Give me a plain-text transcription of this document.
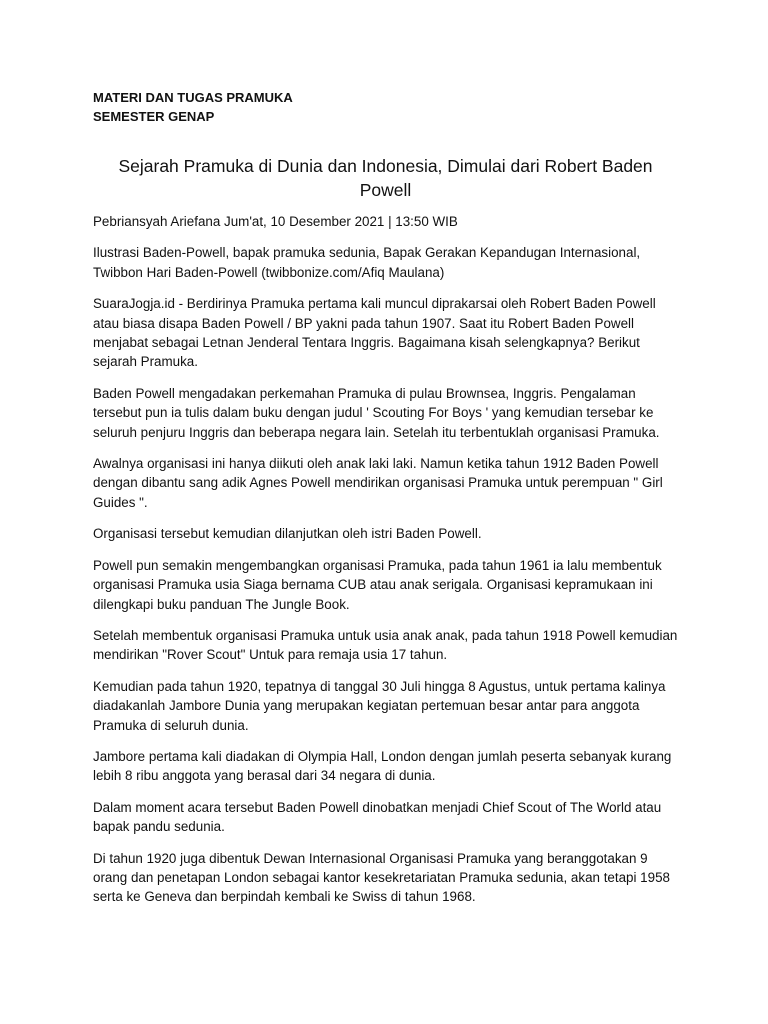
MATERI DAN TUGAS PRAMUKA

SEMESTER GENAP

Sejarah Pramuka di Dunia dan Indonesia, Dimulai dari Robert Baden Powell

Pebriansyah Ariefana Jum'at, 10 Desember 2021 | 13:50 WIB

Ilustrasi Baden-Powell, bapak pramuka sedunia, Bapak Gerakan Kepandugan Internasional, Twibbon Hari Baden-Powell (twibbonize.com/Afiq Maulana)

SuaraJogja.id - Berdirinya Pramuka pertama kali muncul diprakarsai oleh Robert Baden Powell atau biasa disapa Baden Powell / BP yakni pada tahun 1907. Saat itu Robert Baden Powell menjabat sebagai Letnan Jenderal Tentara Inggris. Bagaimana kisah selengkapnya? Berikut sejarah Pramuka.

Baden Powell mengadakan perkemahan Pramuka di pulau Brownsea, Inggris. Pengalaman tersebut pun ia tulis dalam buku dengan judul ' Scouting For Boys ' yang kemudian tersebar ke seluruh penjuru Inggris dan beberapa negara lain. Setelah itu terbentuklah organisasi Pramuka.

Awalnya organisasi ini hanya diikuti oleh anak laki laki. Namun ketika tahun 1912 Baden Powell dengan dibantu sang adik Agnes Powell mendirikan organisasi Pramuka untuk perempuan " Girl Guides ".

Organisasi tersebut kemudian dilanjutkan oleh istri Baden Powell.

Powell pun semakin mengembangkan organisasi Pramuka, pada tahun 1961 ia lalu membentuk organisasi Pramuka usia Siaga bernama CUB atau anak serigala. Organisasi kepramukaan ini dilengkapi buku panduan The Jungle Book.

Setelah membentuk organisasi Pramuka untuk usia anak anak, pada tahun 1918 Powell kemudian mendirikan "Rover Scout" Untuk para remaja usia 17 tahun.

Kemudian pada tahun 1920, tepatnya di tanggal 30 Juli hingga 8 Agustus, untuk pertama kalinya diadakanlah Jambore Dunia yang merupakan kegiatan pertemuan besar antar para anggota Pramuka di seluruh dunia.

Jambore pertama kali diadakan di Olympia Hall, London dengan jumlah peserta sebanyak kurang lebih 8 ribu anggota yang berasal dari 34 negara di dunia.

Dalam moment acara tersebut Baden Powell dinobatkan menjadi Chief Scout of The World atau bapak pandu sedunia.

Di tahun 1920 juga dibentuk Dewan Internasional Organisasi Pramuka yang beranggotakan 9 orang dan penetapan London sebagai kantor kesekretariatan Pramuka sedunia, akan tetapi 1958 serta ke Geneva dan berpindah kembali ke Swiss di tahun 1968.
